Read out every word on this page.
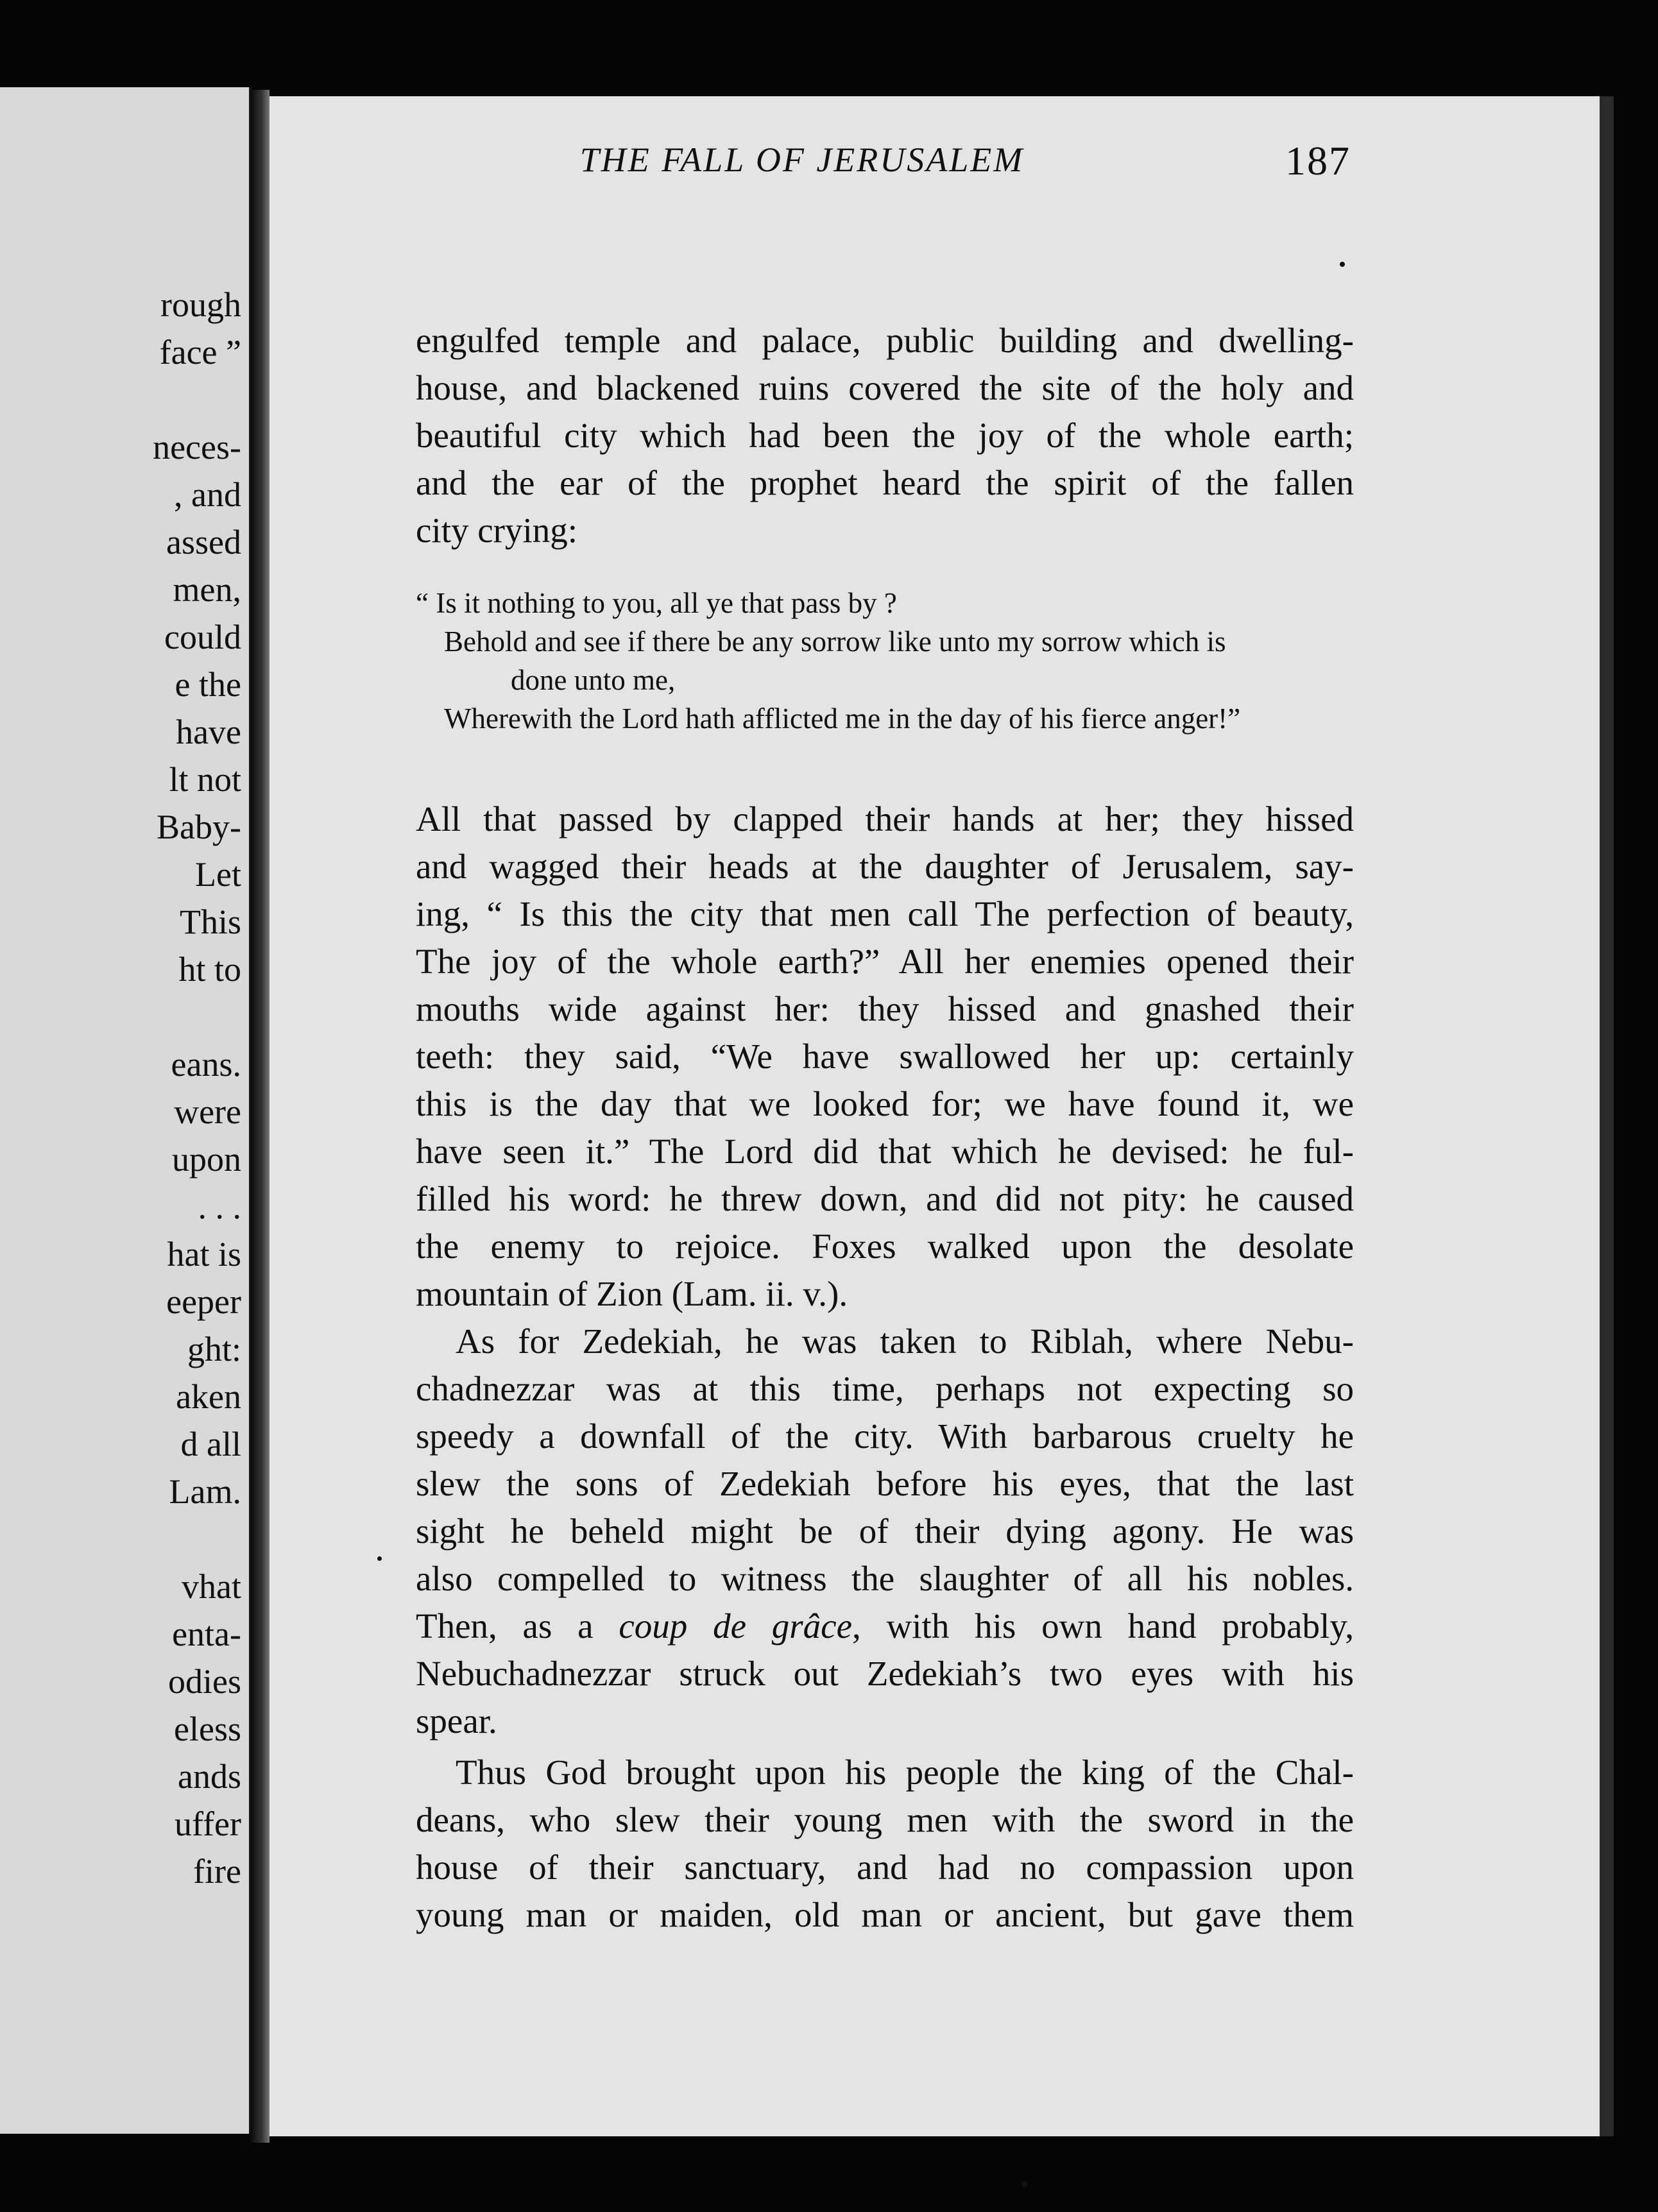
rough
face ”
neces-
, and
assed
men,
could
e the
have
lt not
Baby-
Let
This
ht to
eans.
were
upon
. . .
hat is
eeper
ght:
aken
d all
Lam.
vhat
enta-
odies
eless
ands
uffer
fire
THE FALL OF JERUSALEM	187
engulfed temple and palace, public building and dwelling-
house, and blackened ruins covered the site of the holy and
beautiful city which had been the joy of the whole earth;
and the ear of the prophet heard the spirit of the fallen
city crying:
“ Is it nothing to you, all ye that pass by ?
Behold and see if there be any sorrow like unto my sorrow which is
done unto me,
Wherewith the Lord hath afflicted me in the day of his fierce anger!”
All that passed by clapped their hands at her; they hissed
and wagged their heads at the daughter of Jerusalem, say-
ing, “ Is this the city that men call The perfection of beauty,
The joy of the whole earth?” All her enemies opened their
mouths wide against her: they hissed and gnashed their
teeth: they said, “We have swallowed her up: certainly
this is the day that we looked for; we have found it, we
have seen it.” The Lord did that which he devised: he ful-
filled his word: he threw down, and did not pity: he caused
the enemy to rejoice. Foxes walked upon the desolate
mountain of Zion (Lam. ii. v.).
As for Zedekiah, he was taken to Riblah, where Nebu-
chadnezzar was at this time, perhaps not expecting so
speedy a downfall of the city. With barbarous cruelty he
slew the sons of Zedekiah before his eyes, that the last
sight he beheld might be of their dying agony. He was
also compelled to witness the slaughter of all his nobles.
Then, as a coup de grâce, with his own hand probably,
Nebuchadnezzar struck out Zedekiah’s two eyes with his
spear.
Thus God brought upon his people the king of the Chal-
deans, who slew their young men with the sword in the
house of their sanctuary, and had no compassion upon
young man or maiden, old man or ancient, but gave them
